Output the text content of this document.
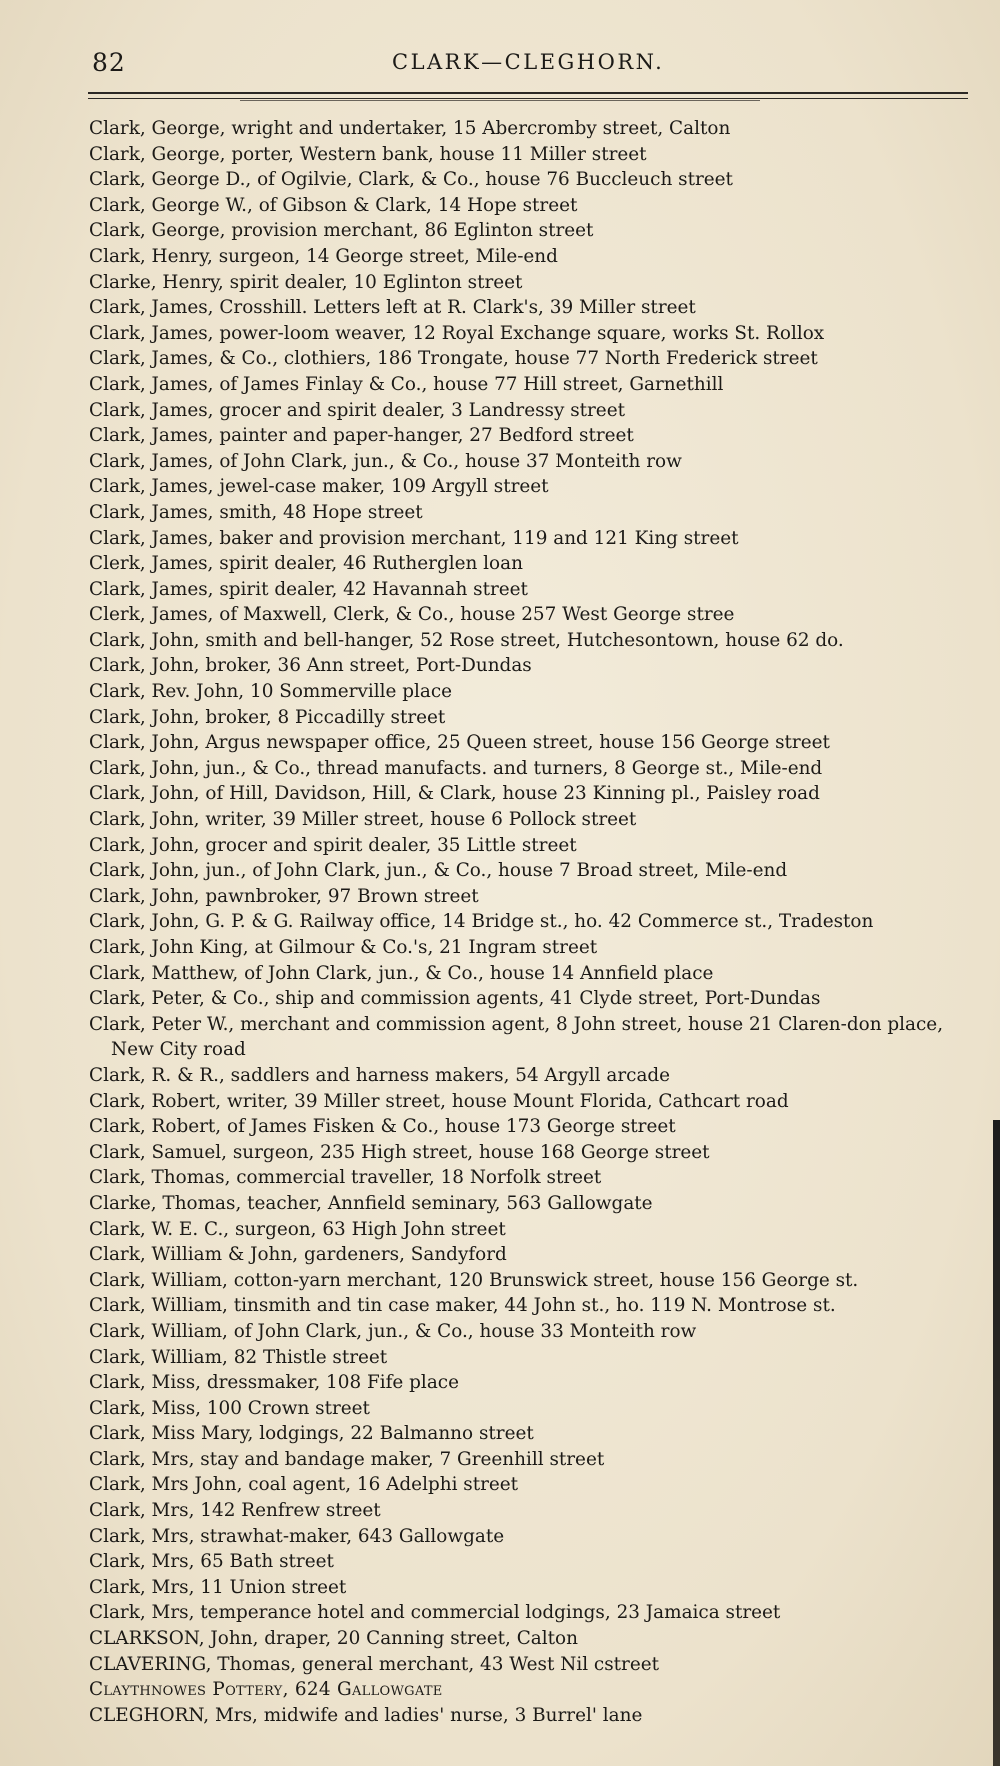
82	CLARK—CLEGHORN.
Clark, George, wright and undertaker, 15 Abercromby street, Calton
Clark, George, porter, Western bank, house 11 Miller street
Clark, George D., of Ogilvie, Clark, & Co., house 76 Buccleuch street
Clark, George W., of Gibson & Clark, 14 Hope street
Clark, George, provision merchant, 86 Eglinton street
Clark, Henry, surgeon, 14 George street, Mile-end
Clarke, Henry, spirit dealer, 10 Eglinton street
Clark, James, Crosshill. Letters left at R. Clark's, 39 Miller street
Clark, James, power-loom weaver, 12 Royal Exchange square, works St. Rollox
Clark, James, & Co., clothiers, 186 Trongate, house 77 North Frederick street
Clark, James, of James Finlay & Co., house 77 Hill street, Garnethill
Clark, James, grocer and spirit dealer, 3 Landressy street
Clark, James, painter and paper-hanger, 27 Bedford street
Clark, James, of John Clark, jun., & Co., house 37 Monteith row
Clark, James, jewel-case maker, 109 Argyll street
Clark, James, smith, 48 Hope street
Clark, James, baker and provision merchant, 119 and 121 King street
Clerk, James, spirit dealer, 46 Rutherglen loan
Clark, James, spirit dealer, 42 Havannah street
Clerk, James, of Maxwell, Clerk, & Co., house 257 West George stree
Clark, John, smith and bell-hanger, 52 Rose street, Hutchesontown, house 62 do.
Clark, John, broker, 36 Ann street, Port-Dundas
Clark, Rev. John, 10 Sommerville place
Clark, John, broker, 8 Piccadilly street
Clark, John, Argus newspaper office, 25 Queen street, house 156 George street
Clark, John, jun., & Co., thread manufacts. and turners, 8 George st., Mile-end
Clark, John, of Hill, Davidson, Hill, & Clark, house 23 Kinning pl., Paisley road
Clark, John, writer, 39 Miller street, house 6 Pollock street
Clark, John, grocer and spirit dealer, 35 Little street
Clark, John, jun., of John Clark, jun., & Co., house 7 Broad street, Mile-end
Clark, John, pawnbroker, 97 Brown street
Clark, John, G. P. & G. Railway office, 14 Bridge st., ho. 42 Commerce st., Tradeston
Clark, John King, at Gilmour & Co.'s, 21 Ingram street
Clark, Matthew, of John Clark, jun., & Co., house 14 Annfield place
Clark, Peter, & Co., ship and commission agents, 41 Clyde street, Port-Dundas
Clark, Peter W., merchant and commission agent, 8 John street, house 21 Claren-don place, New City road
Clark, R. & R., saddlers and harness makers, 54 Argyll arcade
Clark, Robert, writer, 39 Miller street, house Mount Florida, Cathcart road
Clark, Robert, of James Fisken & Co., house 173 George street
Clark, Samuel, surgeon, 235 High street, house 168 George street
Clark, Thomas, commercial traveller, 18 Norfolk street
Clarke, Thomas, teacher, Annfield seminary, 563 Gallowgate
Clark, W. E. C., surgeon, 63 High John street
Clark, William & John, gardeners, Sandyford
Clark, William, cotton-yarn merchant, 120 Brunswick street, house 156 George st.
Clark, William, tinsmith and tin case maker, 44 John st., ho. 119 N. Montrose st.
Clark, William, of John Clark, jun., & Co., house 33 Monteith row
Clark, William, 82 Thistle street
Clark, Miss, dressmaker, 108 Fife place
Clark, Miss, 100 Crown street
Clark, Miss Mary, lodgings, 22 Balmanno street
Clark, Mrs, stay and bandage maker, 7 Greenhill street
Clark, Mrs John, coal agent, 16 Adelphi street
Clark, Mrs, 142 Renfrew street
Clark, Mrs, strawhat-maker, 643 Gallowgate
Clark, Mrs, 65 Bath street
Clark, Mrs, 11 Union street
Clark, Mrs, temperance hotel and commercial lodgings, 23 Jamaica street
CLARKSON, John, draper, 20 Canning street, Calton
CLAVERING, Thomas, general merchant, 43 West Nil cstreet
Claythnowes Pottery, 624 Gallowgate
CLEGHORN, Mrs, midwife and ladies' nurse, 3 Burrel' lane
